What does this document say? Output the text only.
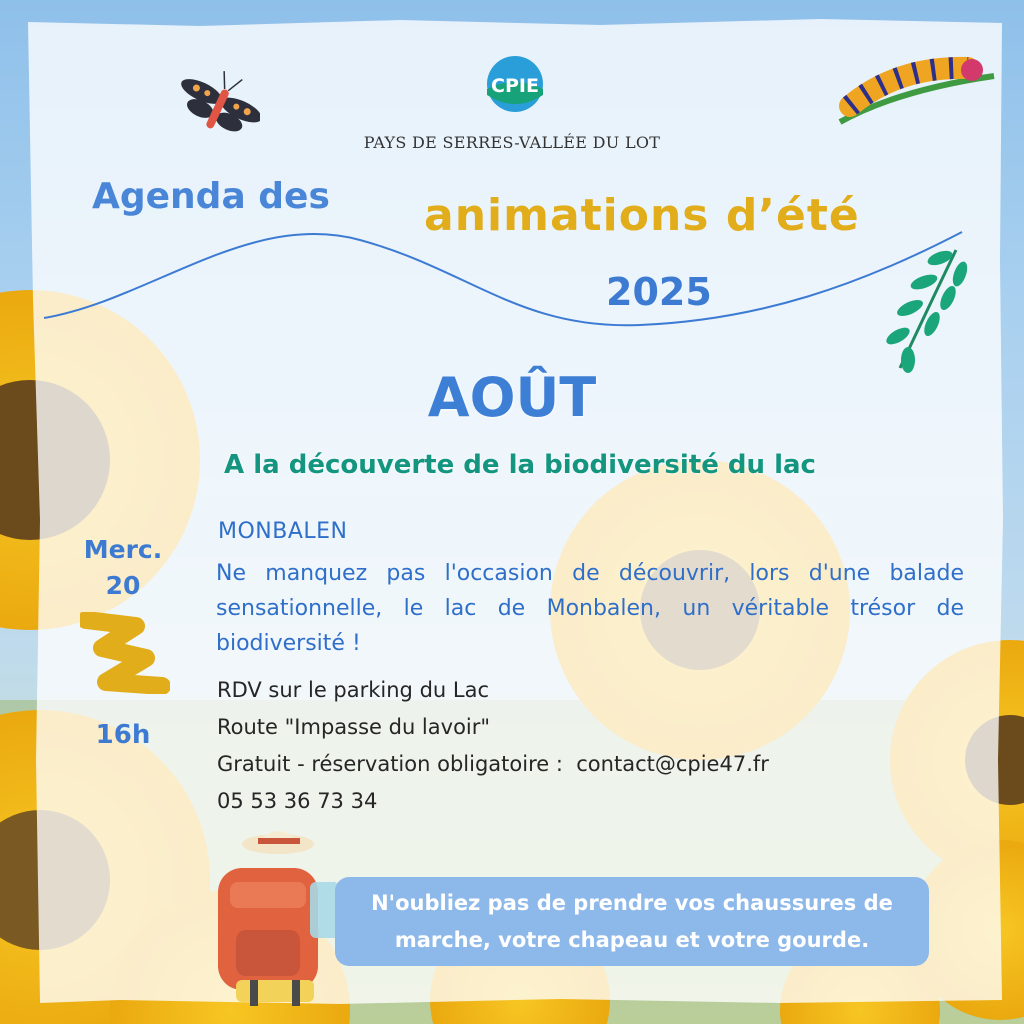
CPIE
PAYS DE SERRES-VALLÉE DU LOT
Agenda des animations d’été
2025
AOÛT
A la découverte de la biodiversité du lac
Merc.
20
16h
MONBALEN
Ne manquez pas l'occasion de découvrir, lors d'une balade sensationnelle, le lac de Monbalen, un véritable trésor de biodiversité !
RDV sur le parking du Lac
Route "Impasse du lavoir"
Gratuit - réservation obligatoire : contact@cpie47.fr
05 53 36 73 34
N'oubliez pas de prendre vos chaussures de marche, votre chapeau et votre gourde.
